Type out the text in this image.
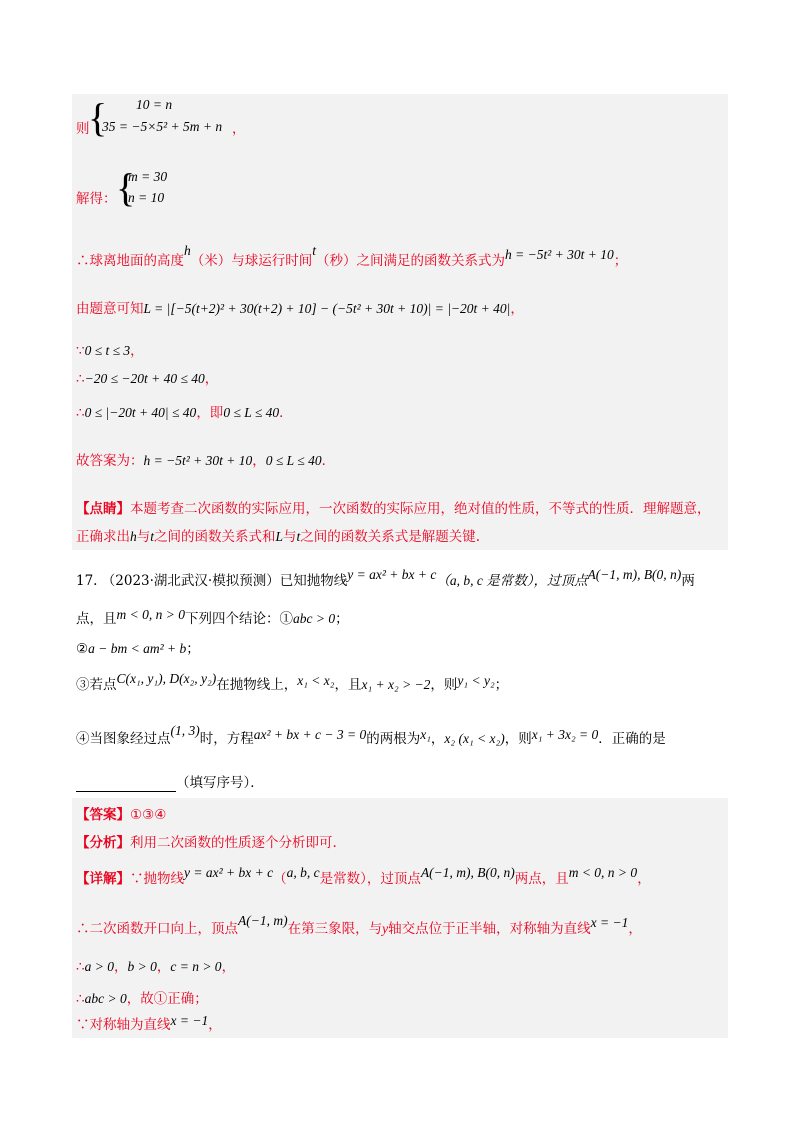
则
{ 10 = n
35 = −5×5² + 5m + n ，
解得： {
m = 30
n = 10
∴球离地面的高度h（米）与球运行时间t（秒）之间满足的函数关系式为h = −5t² + 30t + 10；
由题意可知L = |[−5(t+2)² + 30(t+2) + 10] − (−5t² + 30t + 10)| = |−20t + 40|，
∵0 ≤ t ≤ 3，
∴−20 ≤ −20t + 40 ≤ 40，
∴0 ≤ |−20t + 40| ≤ 40，即0 ≤ L ≤ 40．
故答案为：h = −5t² + 30t + 10，0 ≤ L ≤ 40．
【点睛】本题考查二次函数的实际应用，一次函数的实际应用，绝对值的性质，不等式的性质．理解题意，
正确求出h与t之间的函数关系式和L与t之间的函数关系式是解题关键.
17. （2023·湖北武汉·模拟预测）已知抛物线y = ax² + bx + c（a, b, c 是常数），过顶点A(−1, m), B(0, n)两
点，且m < 0, n > 0下列四个结论：①abc > 0；
②a − bm < am² + b；
③若点C(x₁, y₁), D(x₂, y₂)在抛物线上，x₁ < x₂，且x₁ + x₂ > −2，则y₁ < y₂；
④当图象经过点(1, 3)时，方程ax² + bx + c − 3 = 0的两根为x₁，x₂ (x₁ < x₂)，则x₁ + 3x₂ = 0．正确的是
（填写序号）．
【答案】①③④
【分析】利用二次函数的性质逐个分析即可.
【详解】∵抛物线y = ax² + bx + c（a, b, c是常数），过顶点A(−1, m), B(0, n)两点，且m < 0, n > 0，
∴二次函数开口向上，顶点A(−1, m)在第三象限，与y轴交点位于正半轴，对称轴为直线x = −1，
∴a > 0，b > 0，c = n > 0，
∴abc > 0，故①正确；
∵对称轴为直线x = −1，
